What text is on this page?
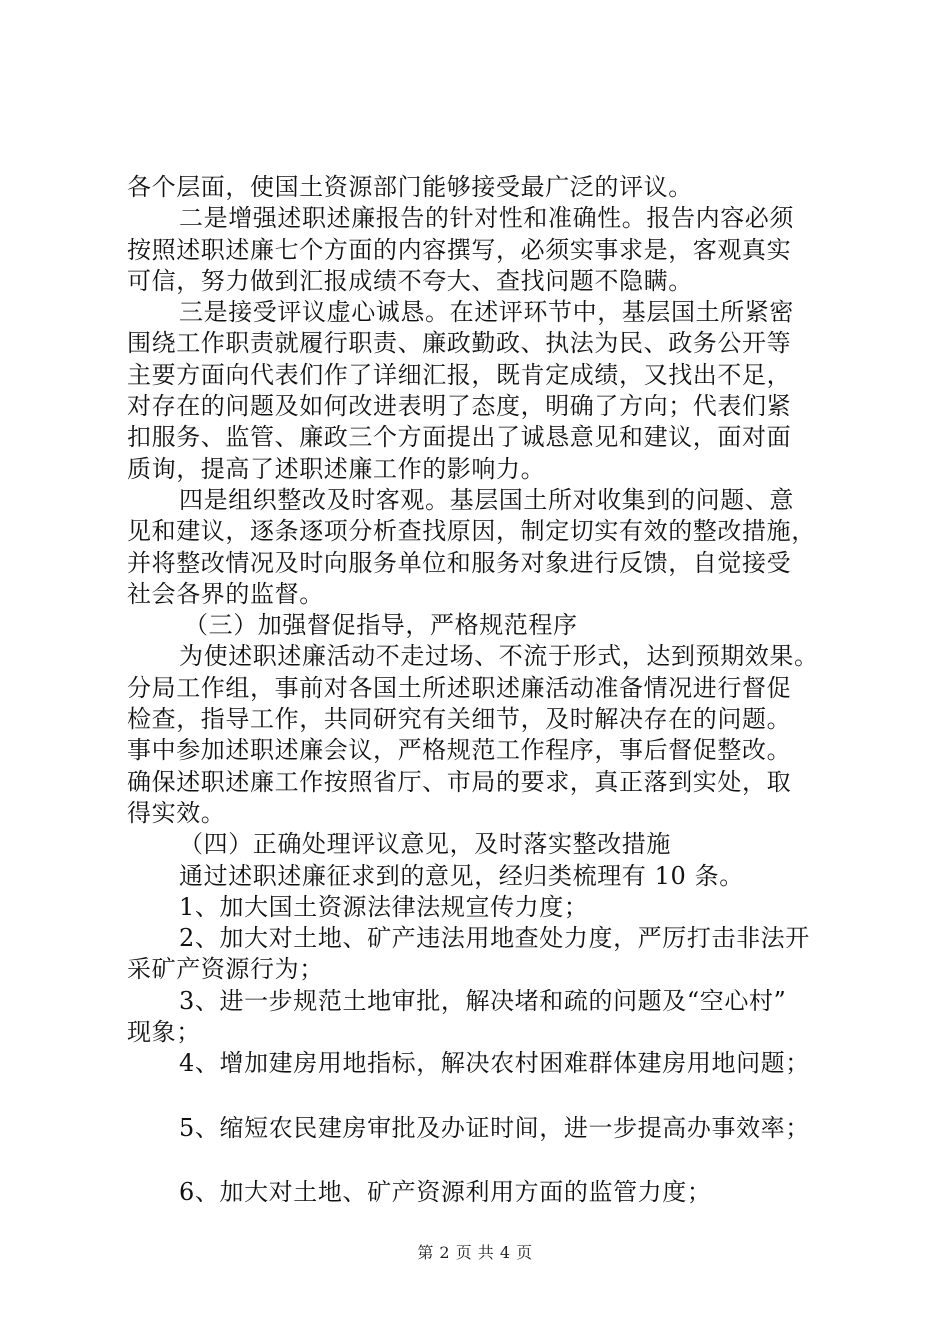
各个层面，使国土资源部门能够接受最广泛的评议。
二是增强述职述廉报告的针对性和准确性。报告内容必须
按照述职述廉七个方面的内容撰写，必须实事求是，客观真实
可信，努力做到汇报成绩不夸大、查找问题不隐瞒。
三是接受评议虚心诚恳。在述评环节中，基层国土所紧密
围绕工作职责就履行职责、廉政勤政、执法为民、政务公开等
主要方面向代表们作了详细汇报，既肯定成绩，又找出不足，
对存在的问题及如何改进表明了态度，明确了方向；代表们紧
扣服务、监管、廉政三个方面提出了诚恳意见和建议，面对面
质询，提高了述职述廉工作的影响力。
四是组织整改及时客观。基层国土所对收集到的问题、意
见和建议，逐条逐项分析查找原因，制定切实有效的整改措施，
并将整改情况及时向服务单位和服务对象进行反馈，自觉接受
社会各界的监督。
（三）加强督促指导，严格规范程序
为使述职述廉活动不走过场、不流于形式，达到预期效果。
分局工作组，事前对各国土所述职述廉活动准备情况进行督促
检查，指导工作，共同研究有关细节，及时解决存在的问题。
事中参加述职述廉会议，严格规范工作程序，事后督促整改。
确保述职述廉工作按照省厅、市局的要求，真正落到实处，取
得实效。
（四）正确处理评议意见，及时落实整改措施
通过述职述廉征求到的意见，经归类梳理有 10 条。
1、加大国土资源法律法规宣传力度；
2、加大对土地、矿产违法用地查处力度，严厉打击非法开
采矿产资源行为；
3、进一步规范土地审批，解决堵和疏的问题及“空心村”
现象；
4、增加建房用地指标，解决农村困难群体建房用地问题；
5、缩短农民建房审批及办证时间，进一步提高办事效率；
6、加大对土地、矿产资源利用方面的监管力度；
第 2 页 共 4 页
